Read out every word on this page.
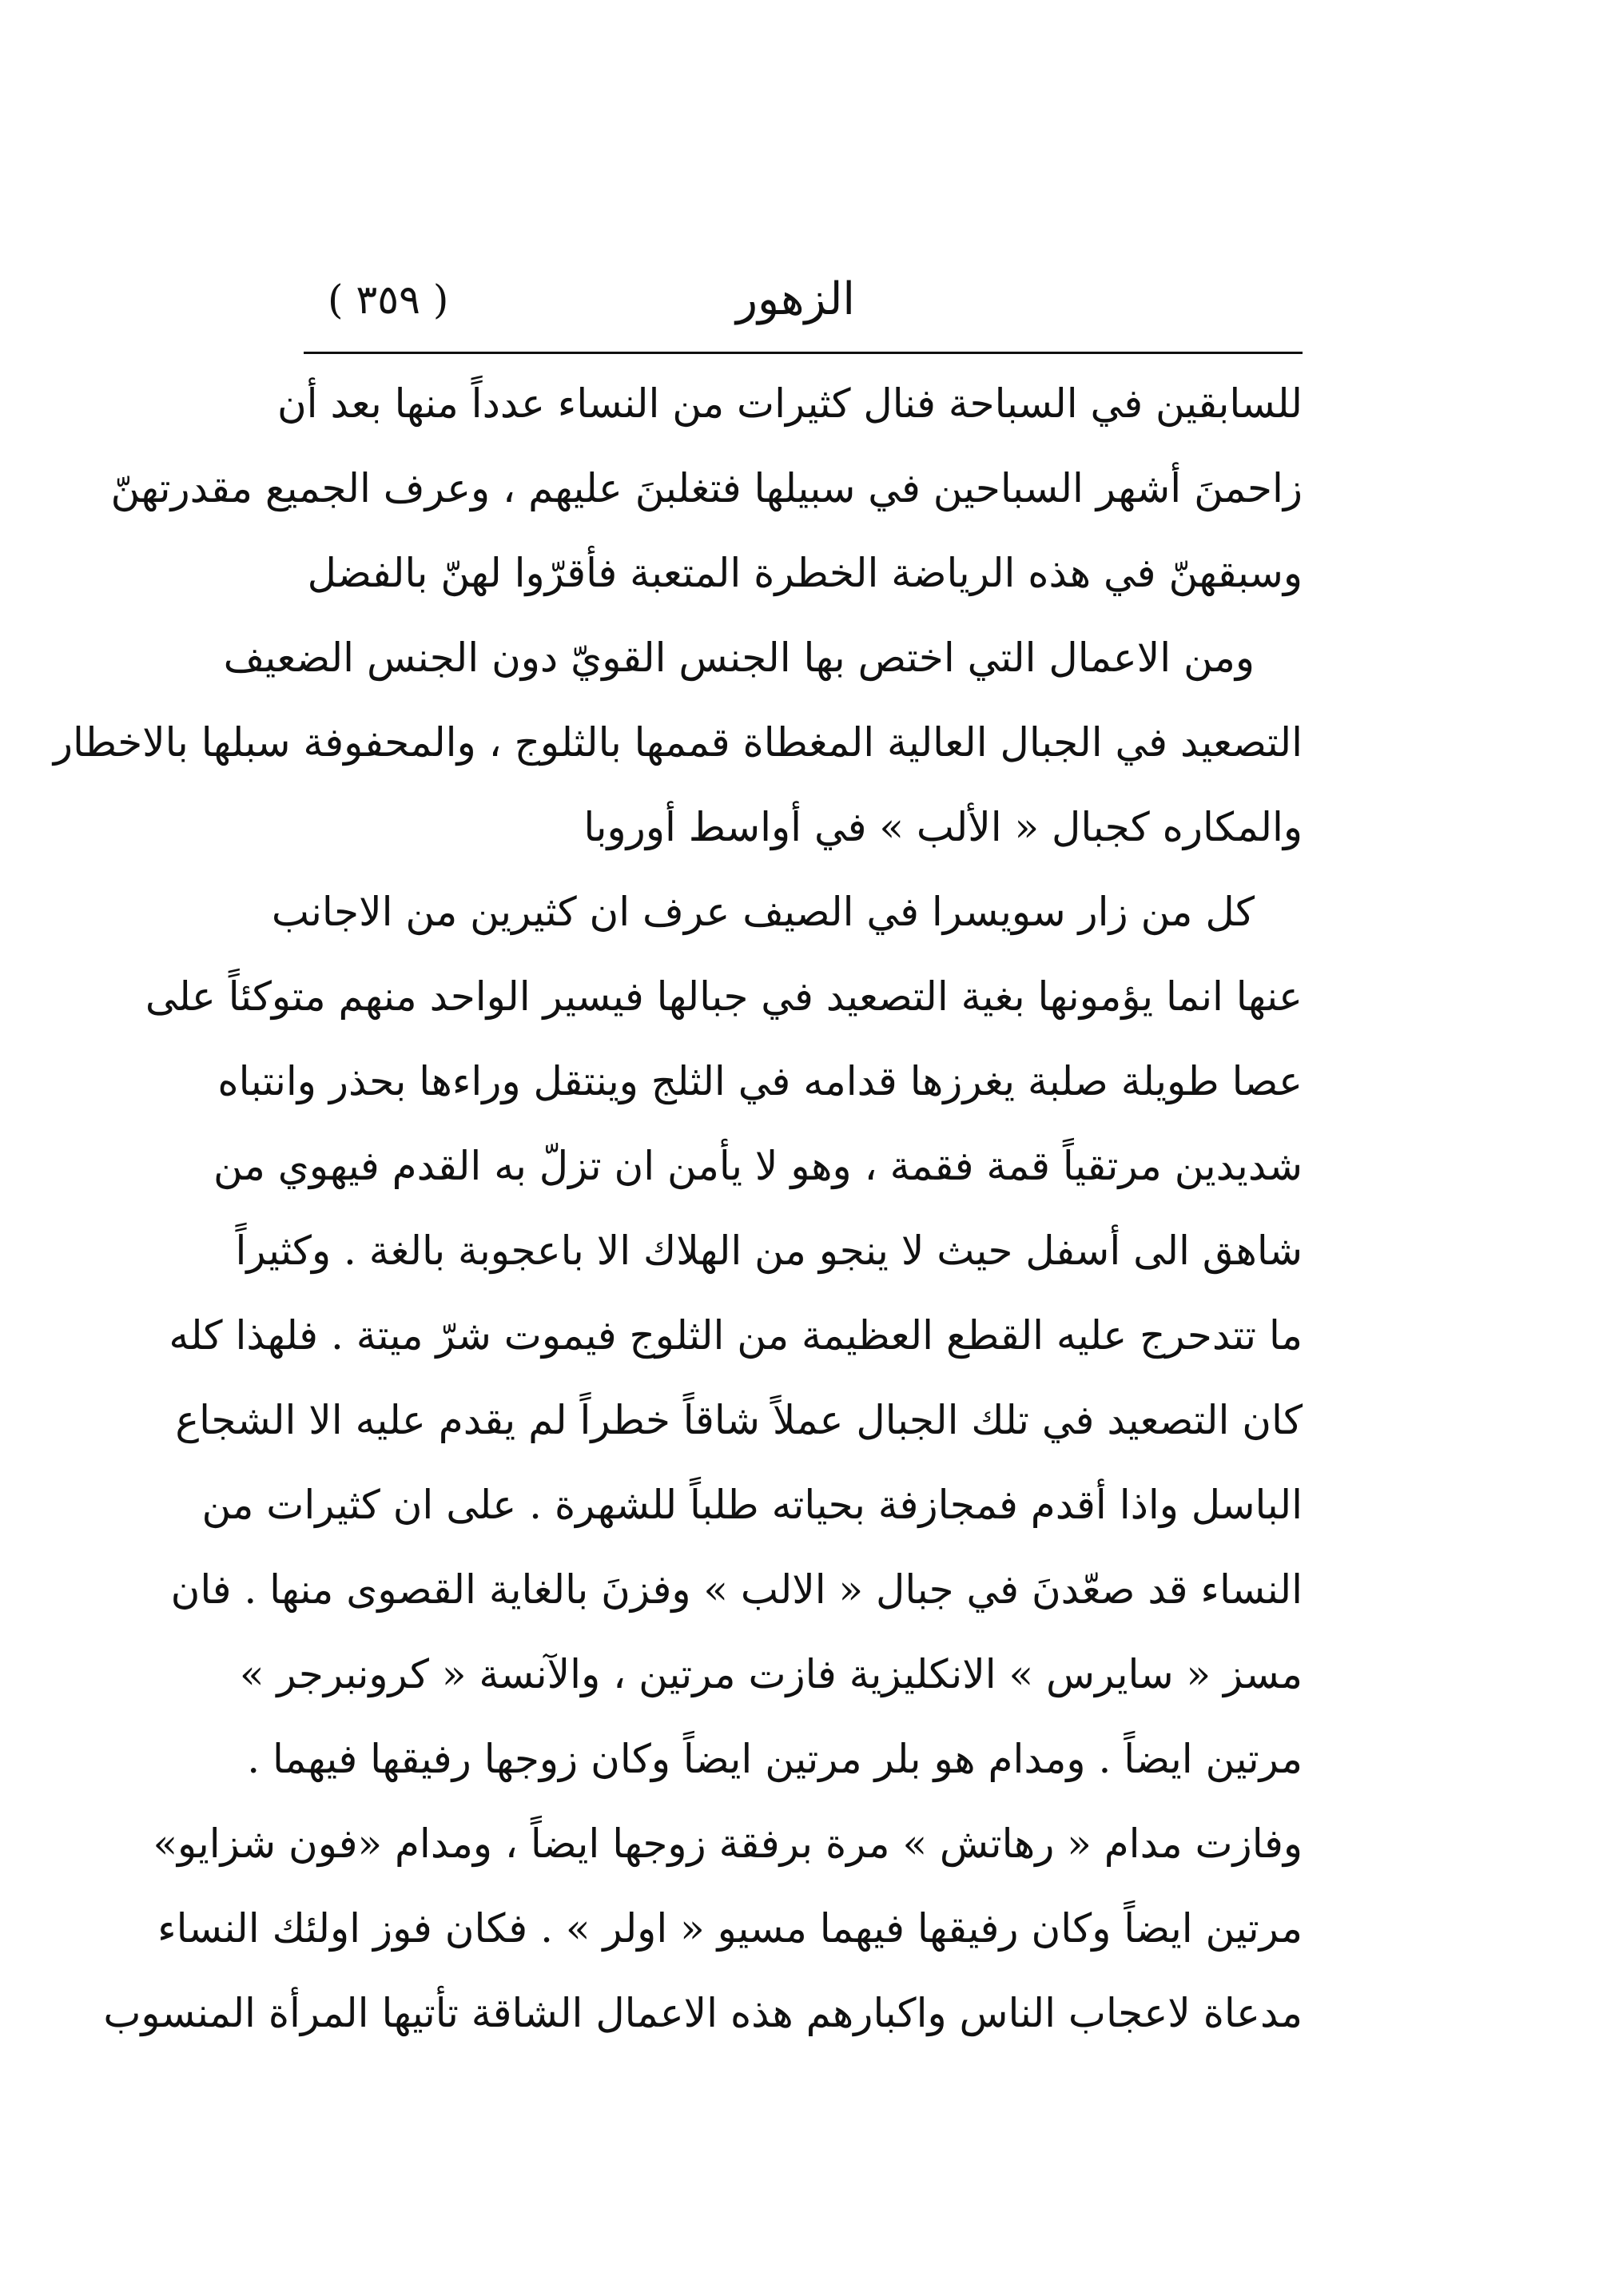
الزهور
( ٣٥٩ )
للسابقين في السباحة فنال كثيرات من النساء عدداً منها بعد أن
زاحمنَ أشهر السباحين في سبيلها فتغلبنَ عليهم ، وعرف الجميع مقدرتهنّ
وسبقهنّ في هذه الرياضة الخطرة المتعبة فأقرّوا لهنّ بالفضل
ومن الاعمال التي اختص بها الجنس القويّ دون الجنس الضعيف
التصعيد في الجبال العالية المغطاة قممها بالثلوج ، والمحفوفة سبلها بالاخطار
والمكاره كجبال « الألب » في أواسط أوروبا
كل من زار سويسرا في الصيف عرف ان كثيرين من الاجانب
عنها انما يؤمونها بغية التصعيد في جبالها فيسير الواحد منهم متوكئاً على
عصا طويلة صلبة يغرزها قدامه في الثلج وينتقل وراءها بحذر وانتباه
شديدين مرتقياً قمة فقمة ، وهو لا يأمن ان تزلّ به القدم فيهوي من
شاهق الى أسفل حيث لا ينجو من الهلاك الا باعجوبة بالغة . وكثيراً
ما تتدحرج عليه القطع العظيمة من الثلوج فيموت شرّ ميتة . فلهذا كله
كان التصعيد في تلك الجبال عملاً شاقاً خطراً لم يقدم عليه الا الشجاع
الباسل واذا أقدم فمجازفة بحياته طلباً للشهرة . على ان كثيرات من
النساء قد صعّدنَ في جبال « الالب » وفزنَ بالغاية القصوى منها . فان
مسز « سايرس » الانكليزية فازت مرتين ، والآنسة « كرونبرجر »
مرتين ايضاً . ومدام هو بلر مرتين ايضاً وكان زوجها رفيقها فيهما .
وفازت مدام « رهاتش » مرة برفقة زوجها ايضاً ، ومدام «فون شزايو»
مرتين ايضاً وكان رفيقها فيهما مسيو « اولر » . فكان فوز اولئك النساء
مدعاة لاعجاب الناس واكبارهم هذه الاعمال الشاقة تأتيها المرأة المنسوب
